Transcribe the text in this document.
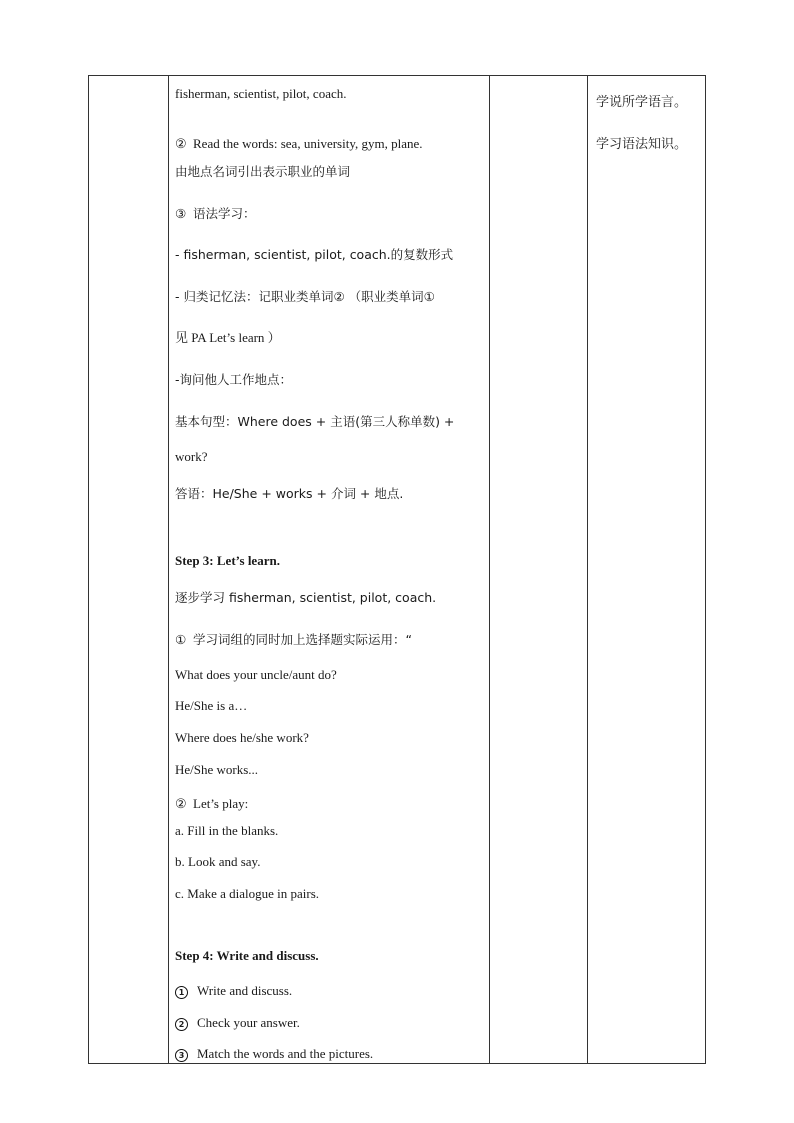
fisherman, scientist, pilot, coach.
② Read the words: sea, university, gym, plane.
由地点名词引出表示职业的单词
③ 语法学习：
- fisherman, scientist, pilot, coach.的复数形式
- 归类记忆法：记职业类单词② （职业类单词①
见 PA Let’s learn ）
-询问他人工作地点：
基本句型：Where does + 主语(第三人称单数) +
work?
答语：He/She + works + 介词 + 地点.
Step 3: Let’s learn.
逐步学习 fisherman, scientist, pilot, coach.
① 学习词组的同时加上选择题实际运用：“
What does your uncle/aunt do?
He/She is a…
Where does he/she work?
He/She works...
② Let’s play:
a. Fill in the blanks.
b. Look and say.
c. Make a dialogue in pairs.
Step 4: Write and discuss.
1 Write and discuss.
2 Check your answer.
3 Match the words and the pictures.
学说所学语言。
学习语法知识。
